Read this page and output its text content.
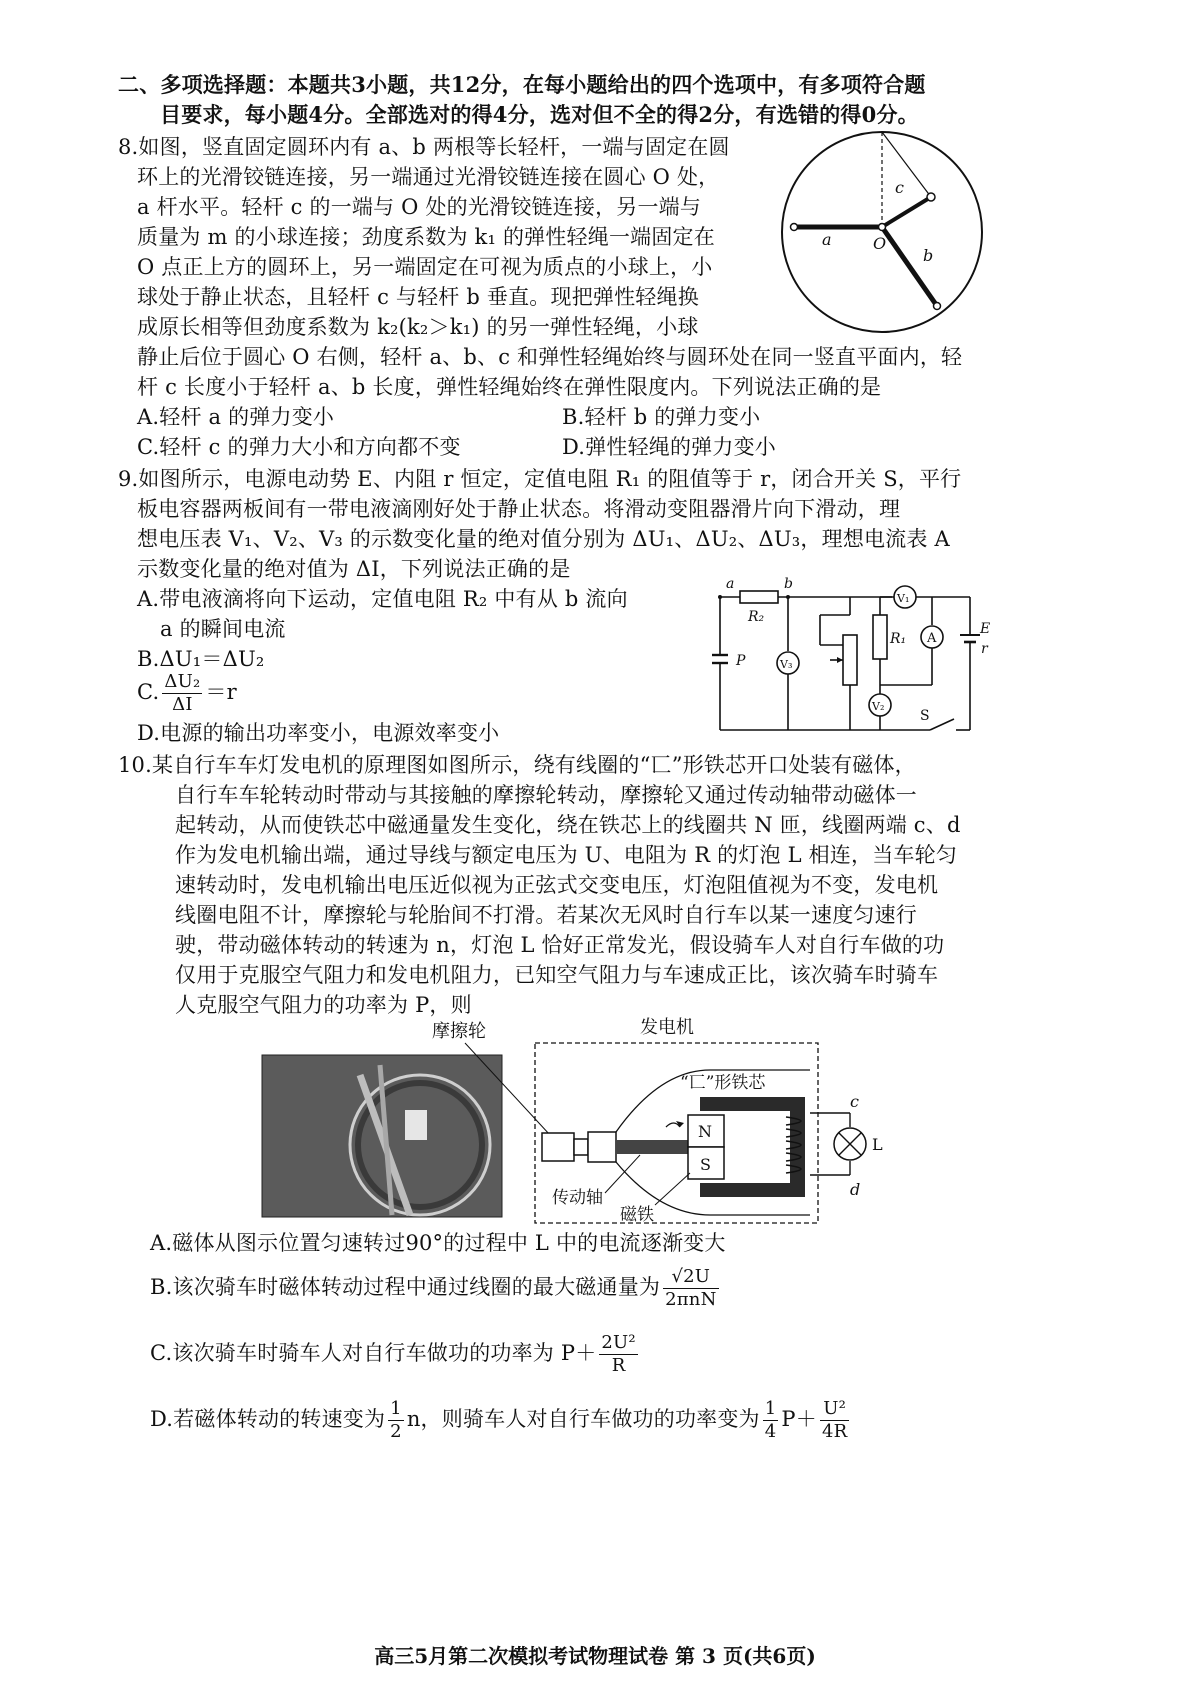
二、多项选择题：本题共3小题，共12分，在每小题给出的四个选项中，有多项符合题
目要求，每小题4分。全部选对的得4分，选对但不全的得2分，有选错的得0分。
8.如图，竖直固定圆环内有 a、b 两根等长轻杆，一端与固定在圆
环上的光滑铰链连接，另一端通过光滑铰链连接在圆心 O 处，
a 杆水平。轻杆 c 的一端与 O 处的光滑铰链连接，另一端与
质量为 m 的小球连接；劲度系数为 k₁ 的弹性轻绳一端固定在
O 点正上方的圆环上，另一端固定在可视为质点的小球上，小
球处于静止状态，且轻杆 c 与轻杆 b 垂直。现把弹性轻绳换
成原长相等但劲度系数为 k₂(k₂＞k₁) 的另一弹性轻绳，小球
静止后位于圆心 O 右侧，轻杆 a、b、c 和弹性轻绳始终与圆环处在同一竖直平面内，轻
杆 c 长度小于轻杆 a、b 长度，弹性轻绳始终在弹性限度内。下列说法正确的是
A.轻杆 a 的弹力变小	B.轻杆 b 的弹力变小
C.轻杆 c 的弹力大小和方向都不变	D.弹性轻绳的弹力变小
a
b
c
O
9.如图所示，电源电动势 E、内阻 r 恒定，定值电阻 R₁ 的阻值等于 r，闭合开关 S，平行
板电容器两板间有一带电液滴刚好处于静止状态。将滑动变阻器滑片向下滑动，理
想电压表 V₁、V₂、V₃ 的示数变化量的绝对值分别为 ΔU₁、ΔU₂、ΔU₃，理想电流表 A
示数变化量的绝对值为 ΔI，下列说法正确的是
A.带电液滴将向下运动，定值电阻 R₂ 中有从 b 流向
a 的瞬间电流
B.ΔU₁＝ΔU₂
C. $\frac{\text{ΔU₂}}{\Delta I} =r$
D.电源的输出功率变小，电源效率变小
a	b
R₂
R₁
V₁
V₂
V₃
A
E
r
P
S
10.某自行车车灯发电机的原理图如图所示，绕有线圈的“匸”形铁芯开口处装有磁体，
自行车车轮转动时带动与其接触的摩擦轮转动，摩擦轮又通过传动轴带动磁体一
起转动，从而使铁芯中磁通量发生变化，绕在铁芯上的线圈共 N 匝，线圈两端 c、d
作为发电机输出端，通过导线与额定电压为 U、电阻为 R 的灯泡 L 相连，当车轮匀
速转动时，发电机输出电压近似视为正弦式交变电压，灯泡阻值视为不变，发电机
线圈电阻不计，摩擦轮与轮胎间不打滑。若某次无风时自行车以某一速度匀速行
驶，带动磁体转动的转速为 n，灯泡 L 恰好正常发光，假设骑车人对自行车做的功
仅用于克服空气阻力和发电机阻力，已知空气阻力与车速成正比，该次骑车时骑车
人克服空气阻力的功率为 P，则
摩擦轮	发电机
N
S
“匸”形铁芯
c
d
L
传动轴
磁铁
A.磁体从图示位置匀速转过90°的过程中 L 中的电流逐渐变大
B.该次骑车时磁体转动过程中通过线圈的最大磁通量为 $\frac{√2U}{\text{2πnN}}$
C.该次骑车时骑车人对自行车做功的功率为 $P+ \frac{\text{2U²}}{R}$
D.若磁体转动的转速变为 $\frac{1}{2}$ n，则骑车人对自行车做功的功率变为 $\frac{1}{4} P+ \frac{\text{U²}}{4R}$
高三5月第二次模拟考试物理试卷 第 3 页(共6页)
